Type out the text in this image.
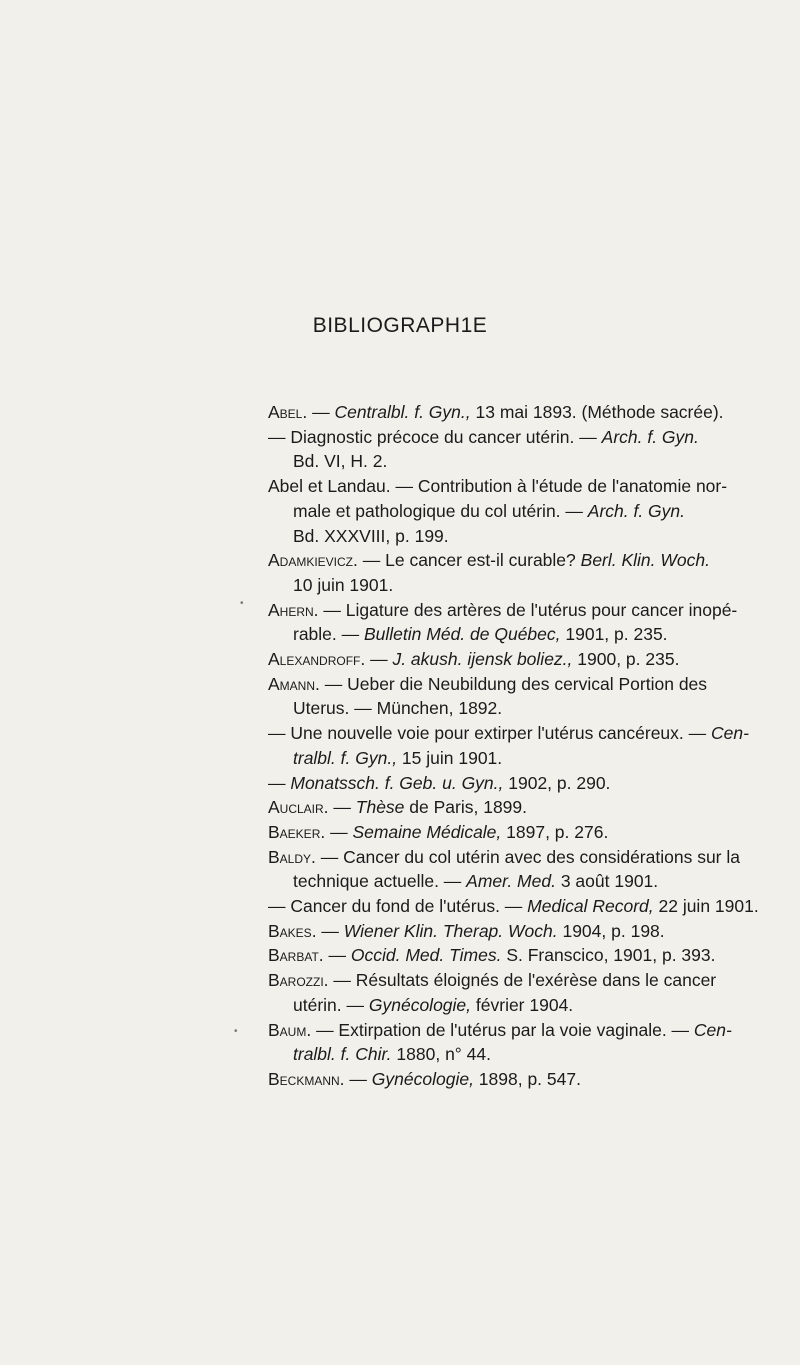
BIBLIOGRAPH1E
Abel. — Centralbl. f. Gyn., 13 mai 1893. (Méthode sacrée).
— Diagnostic précoce du cancer utérin. — Arch. f. Gyn.
Bd. VI, H. 2.
Abel et Landau. — Contribution à l'étude de l'anatomie nor-
male et pathologique du col utérin. — Arch. f. Gyn.
Bd. XXXVIII, p. 199.
Adamkievicz. — Le cancer est-il curable? Berl. Klin. Woch.
10 juin 1901.
Ahern. — Ligature des artères de l'utérus pour cancer inopé-
rable. — Bulletin Méd. de Québec, 1901, p. 235.
Alexandroff. — J. akush. ijensk boliez., 1900, p. 235.
Amann. — Ueber die Neubildung des cervical Portion des
Uterus. — München, 1892.
— Une nouvelle voie pour extirper l'utérus cancéreux. — Cen-
tralbl. f. Gyn., 15 juin 1901.
— Monatssch. f. Geb. u. Gyn., 1902, p. 290.
Auclair. — Thèse de Paris, 1899.
Baeker. — Semaine Médicale, 1897, p. 276.
Baldy. — Cancer du col utérin avec des considérations sur la
technique actuelle. — Amer. Med. 3 août 1901.
— Cancer du fond de l'utérus. — Medical Record, 22 juin 1901.
Bakes. — Wiener Klin. Therap. Woch. 1904, p. 198.
Barbat. — Occid. Med. Times. S. Franscico, 1901, p. 393.
Barozzi. — Résultats éloignés de l'exérèse dans le cancer
utérin. — Gynécologie, février 1904.
Baum. — Extirpation de l'utérus par la voie vaginale. — Cen-
tralbl. f. Chir. 1880, n° 44.
Beckmann. — Gynécologie, 1898, p. 547.
•
•
